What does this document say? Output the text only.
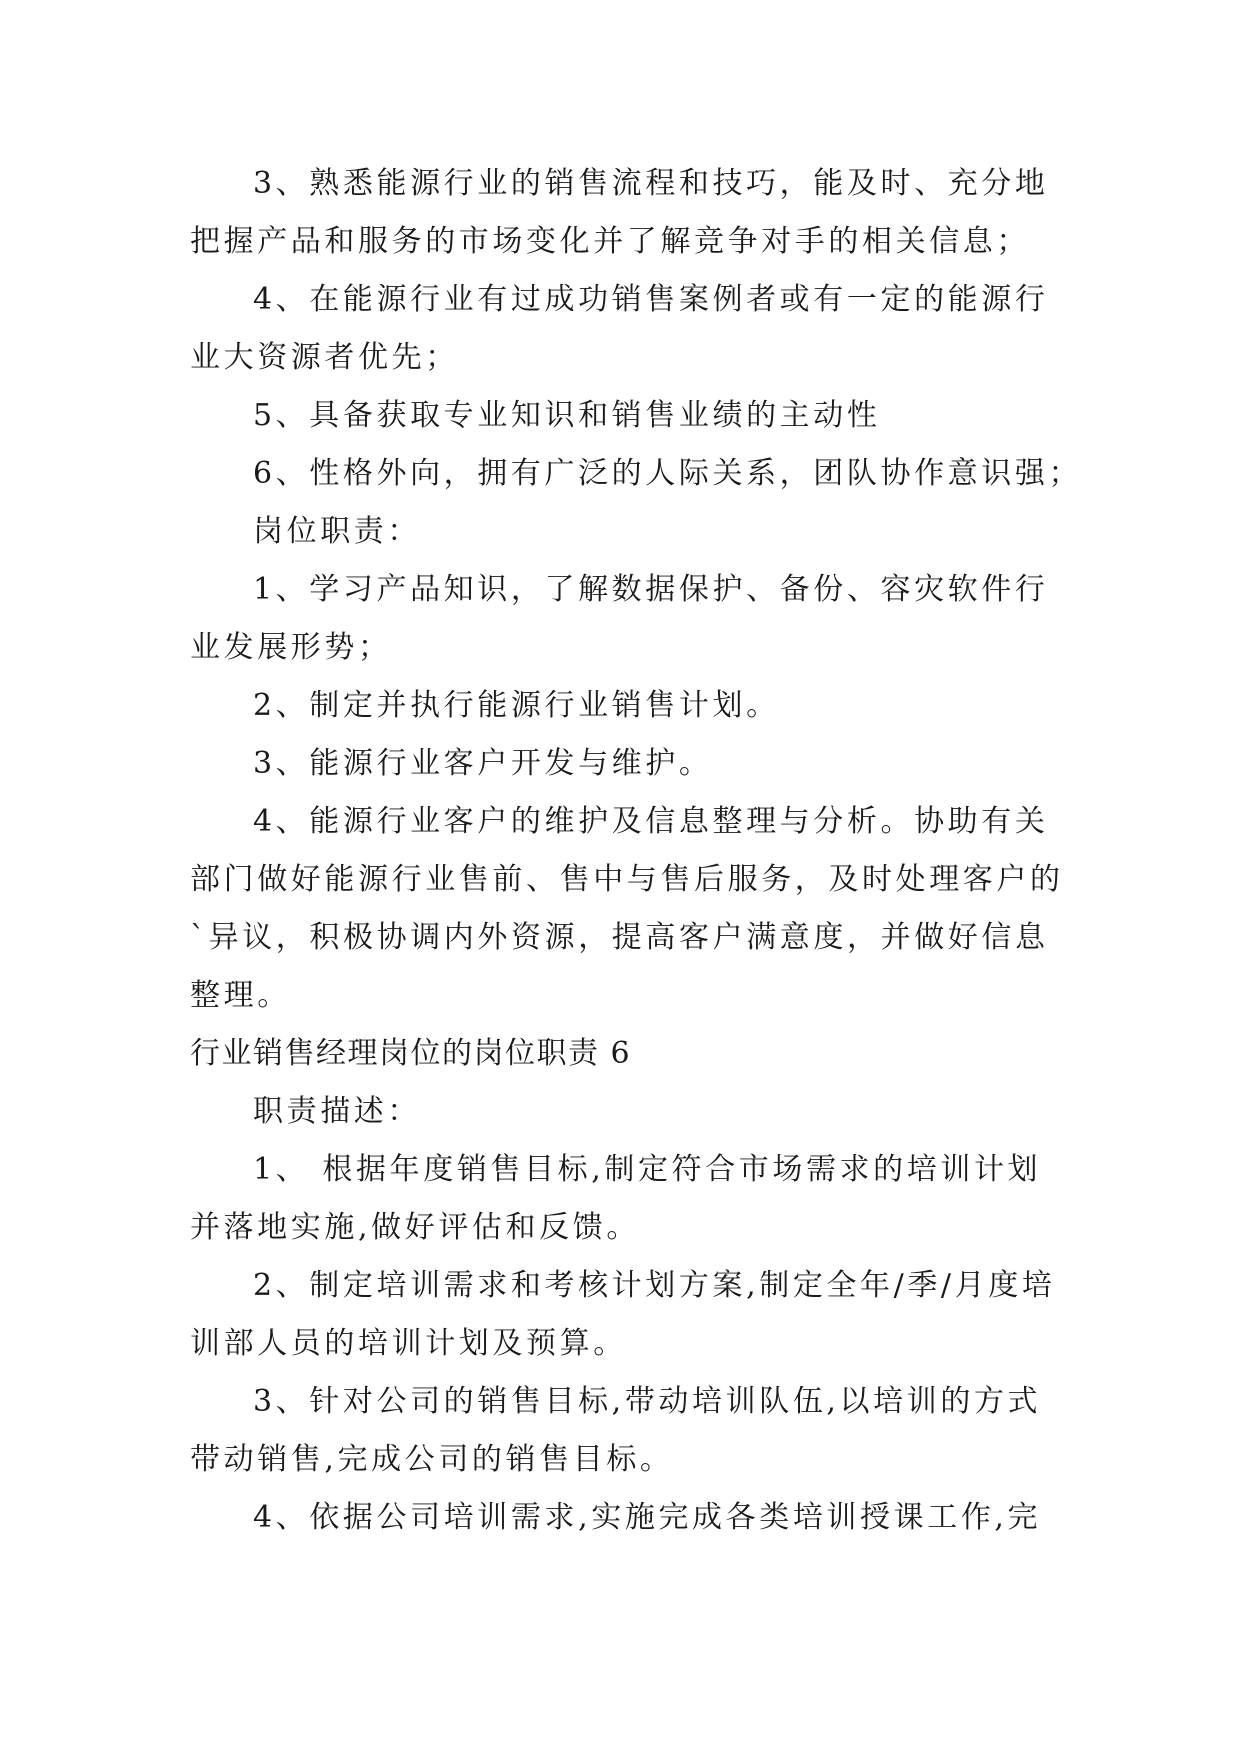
3、熟悉能源行业的销售流程和技巧，能及时、充分地
把握产品和服务的市场变化并了解竞争对手的相关信息；
4、在能源行业有过成功销售案例者或有一定的能源行
业大资源者优先；
5、具备获取专业知识和销售业绩的主动性
6、性格外向，拥有广泛的人际关系，团队协作意识强；
岗位职责：
1、学习产品知识，了解数据保护、备份、容灾软件行
业发展形势；
2、制定并执行能源行业销售计划。
3、能源行业客户开发与维护。
4、能源行业客户的维护及信息整理与分析。协助有关
部门做好能源行业售前、售中与售后服务，及时处理客户的
`异议，积极协调内外资源，提高客户满意度，并做好信息
整理。
行业销售经理岗位的岗位职责 6
职责描述：
1、 根据年度销售目标,制定符合市场需求的培训计划
并落地实施,做好评估和反馈。
2、制定培训需求和考核计划方案,制定全年/季/月度培
训部人员的培训计划及预算。
3、针对公司的销售目标,带动培训队伍,以培训的方式
带动销售,完成公司的销售目标。
4、依据公司培训需求,实施完成各类培训授课工作,完
